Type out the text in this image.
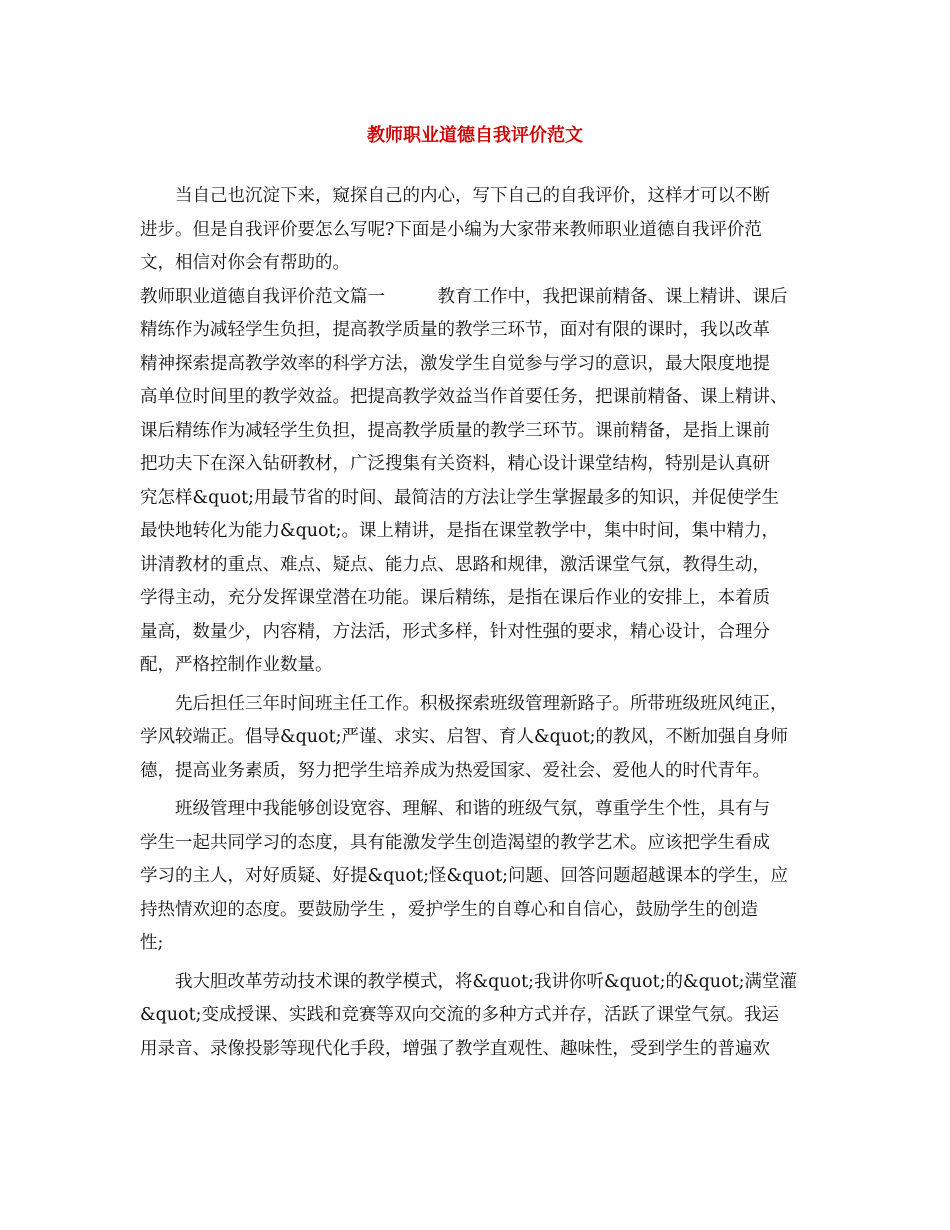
教师职业道德自我评价范文
　　当自己也沉淀下来，窥探自己的内心，写下自己的自我评价，这样才可以不断
进步。但是自我评价要怎么写呢?下面是小编为大家带来教师职业道德自我评价范
文，相信对你会有帮助的。
教师职业道德自我评价范文篇一　　　教育工作中，我把课前精备、课上精讲、课后
精练作为减轻学生负担，提高教学质量的教学三环节，面对有限的课时，我以改革
精神探索提高教学效率的科学方法，激发学生自觉参与学习的意识，最大限度地提
高单位时间里的教学效益。把提高教学效益当作首要任务，把课前精备、课上精讲、
课后精练作为减轻学生负担，提高教学质量的教学三环节。课前精备，是指上课前
把功夫下在深入钻研教材，广泛搜集有关资料，精心设计课堂结构，特别是认真研
究怎样&quot;用最节省的时间、最简洁的方法让学生掌握最多的知识，并促使学生
最快地转化为能力&quot;。课上精讲，是指在课堂教学中，集中时间，集中精力，
讲清教材的重点、难点、疑点、能力点、思路和规律，激活课堂气氛，教得生动，
学得主动，充分发挥课堂潜在功能。课后精练，是指在课后作业的安排上，本着质
量高，数量少，内容精，方法活，形式多样，针对性强的要求，精心设计，合理分
配，严格控制作业数量。
　　先后担任三年时间班主任工作。积极探索班级管理新路子。所带班级班风纯正，
学风较端正。倡导&quot;严谨、求实、启智、育人&quot;的教风，不断加强自身师
德，提高业务素质，努力把学生培养成为热爱国家、爱社会、爱他人的时代青年。
　　班级管理中我能够创设宽容、理解、和谐的班级气氛，尊重学生个性，具有与
学生一起共同学习的态度，具有能激发学生创造渴望的教学艺术。应该把学生看成
学习的主人，对好质疑、好提&quot;怪&quot;问题、回答问题超越课本的学生，应
持热情欢迎的态度。要鼓励学生 ，爱护学生的自尊心和自信心，鼓励学生的创造
性;
　　我大胆改革劳动技术课的教学模式，将&quot;我讲你听&quot;的&quot;满堂灌
&quot;变成授课、实践和竞赛等双向交流的多种方式并存，活跃了课堂气氛。我运
用录音、录像投影等现代化手段，增强了教学直观性、趣味性，受到学生的普遍欢
